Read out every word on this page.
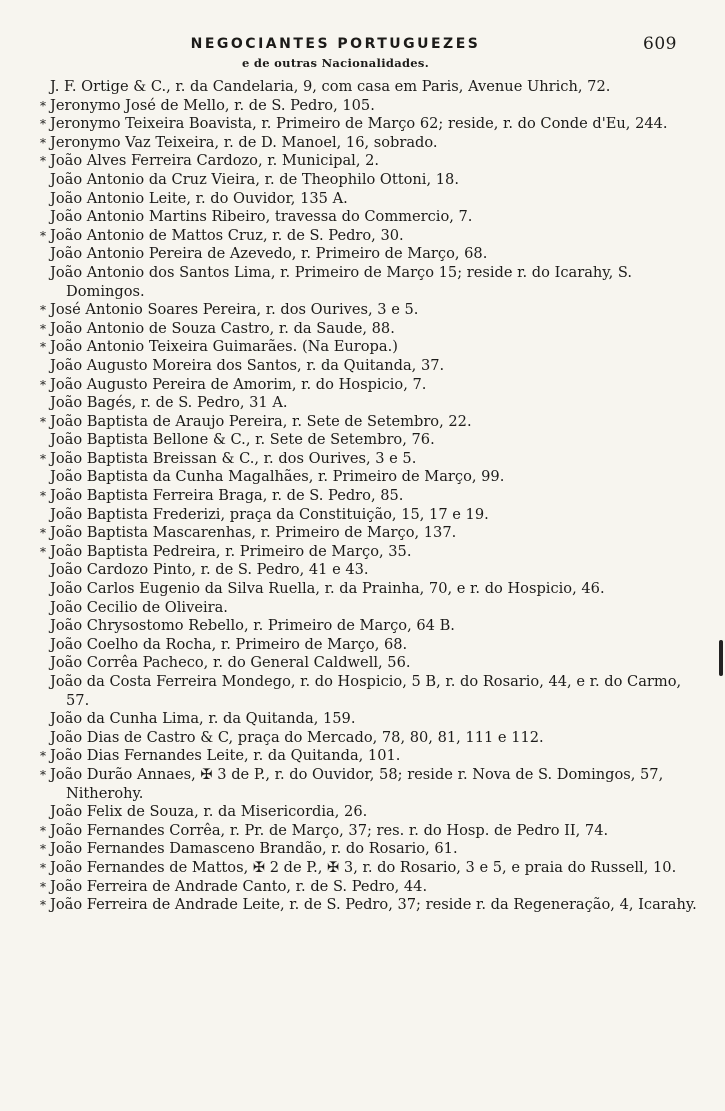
NEGOCIANTES PORTUGUEZES
e de outras Nacionalidades.
609
J. F. Ortige & C., r. da Candelaria, 9, com casa em Paris, Avenue Uhrich, 72.
* Jeronymo José de Mello, r. de S. Pedro, 105.
* Jeronymo Teixeira Boavista, r. Primeiro de Março 62; reside, r. do Conde d'Eu, 244.
* Jeronymo Vaz Teixeira, r. de D. Manoel, 16, sobrado.
* João Alves Ferreira Cardozo, r. Municipal, 2.
João Antonio da Cruz Vieira, r. de Theophilo Ottoni, 18.
João Antonio Leite, r. do Ouvidor, 135 A.
João Antonio Martins Ribeiro, travessa do Commercio, 7.
* João Antonio de Mattos Cruz, r. de S. Pedro, 30.
João Antonio Pereira de Azevedo, r. Primeiro de Março, 68.
João Antonio dos Santos Lima, r. Primeiro de Março 15; reside r. do Icarahy, S. Domingos.
* José Antonio Soares Pereira, r. dos Ourives, 3 e 5.
* João Antonio de Souza Castro, r. da Saude, 88.
* João Antonio Teixeira Guimarães. (Na Europa.)
João Augusto Moreira dos Santos, r. da Quitanda, 37.
* João Augusto Pereira de Amorim, r. do Hospicio, 7.
João Bagés, r. de S. Pedro, 31 A.
* João Baptista de Araujo Pereira, r. Sete de Setembro, 22.
João Baptista Bellone & C., r. Sete de Setembro, 76.
* João Baptista Breissan & C., r. dos Ourives, 3 e 5.
João Baptista da Cunha Magalhães, r. Primeiro de Março, 99.
* João Baptista Ferreira Braga, r. de S. Pedro, 85.
João Baptista Frederizi, praça da Constituição, 15, 17 e 19.
* João Baptista Mascarenhas, r. Primeiro de Março, 137.
* João Baptista Pedreira, r. Primeiro de Março, 35.
João Cardozo Pinto, r. de S. Pedro, 41 e 43.
João Carlos Eugenio da Silva Ruella, r. da Prainha, 70, e r. do Hospicio, 46.
João Cecilio de Oliveira.
João Chrysostomo Rebello, r. Primeiro de Março, 64 B.
João Coelho da Rocha, r. Primeiro de Março, 68.
João Corrêa Pacheco, r. do General Caldwell, 56.
João da Costa Ferreira Mondego, r. do Hospicio, 5 B, r. do Rosario, 44, e r. do Carmo, 57.
João da Cunha Lima, r. da Quitanda, 159.
João Dias de Castro & C, praça do Mercado, 78, 80, 81, 111 e 112.
* João Dias Fernandes Leite, r. da Quitanda, 101.
* João Durão Annaes, ✠ 3 de P., r. do Ouvidor, 58; reside r. Nova de S. Domingos, 57, Nitherohy.
João Felix de Souza, r. da Misericordia, 26.
* João Fernandes Corrêa, r. Pr. de Março, 37; res. r. do Hosp. de Pedro II, 74.
* João Fernandes Damasceno Brandão, r. do Rosario, 61.
* João Fernandes de Mattos, ✠ 2 de P., ✠ 3, r. do Rosario, 3 e 5, e praia do Russell, 10.
* João Ferreira de Andrade Canto, r. de S. Pedro, 44.
* João Ferreira de Andrade Leite, r. de S. Pedro, 37; reside r. da Regeneração, 4, Icarahy.
